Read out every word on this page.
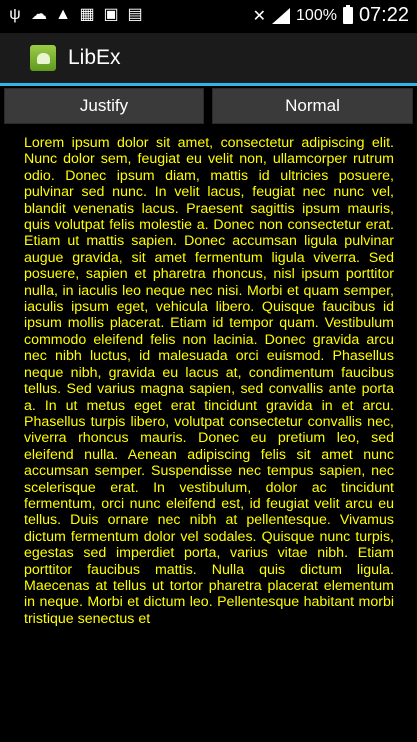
ψ ☁ ▲ ▦ ▣ ▤	✕ 100% 07:22
LibEx
Justify	Normal
Lorem ipsum dolor sit amet, consectetur adipiscing elit. Nunc dolor sem, feugiat eu velit non, ullamcorper rutrum odio. Donec ipsum diam, mattis id ultricies posuere, pulvinar sed nunc. In velit lacus, feugiat nec nunc vel, blandit venenatis lacus. Praesent sagittis ipsum mauris, quis volutpat felis molestie a. Donec non consectetur erat. Etiam ut mattis sapien. Donec accumsan ligula pulvinar augue gravida, sit amet fermentum ligula viverra. Sed posuere, sapien et pharetra rhoncus, nisl ipsum porttitor nulla, in iaculis leo neque nec nisi. Morbi et quam semper, iaculis ipsum eget, vehicula libero. Quisque faucibus id ipsum mollis placerat. Etiam id tempor quam. Vestibulum commodo eleifend felis non lacinia. Donec gravida arcu nec nibh luctus, id malesuada orci euismod. Phasellus neque nibh, gravida eu lacus at, condimentum faucibus tellus. Sed varius magna sapien, sed convallis ante porta a. In ut metus eget erat tincidunt gravida in et arcu. Phasellus turpis libero, volutpat consectetur convallis nec, viverra rhoncus mauris. Donec eu pretium leo, sed eleifend nulla. Aenean adipiscing felis sit amet nunc accumsan semper. Suspendisse nec tempus sapien, nec scelerisque erat. In vestibulum, dolor ac tincidunt fermentum, orci nunc eleifend est, id feugiat velit arcu eu tellus. Duis ornare nec nibh at pellentesque. Vivamus dictum fermentum dolor vel sodales. Quisque nunc turpis, egestas sed imperdiet porta, varius vitae nibh. Etiam porttitor faucibus mattis. Nulla quis dictum ligula. Maecenas at tellus ut tortor pharetra placerat elementum in neque. Morbi et dictum leo. Pellentesque habitant morbi tristique senectus et
